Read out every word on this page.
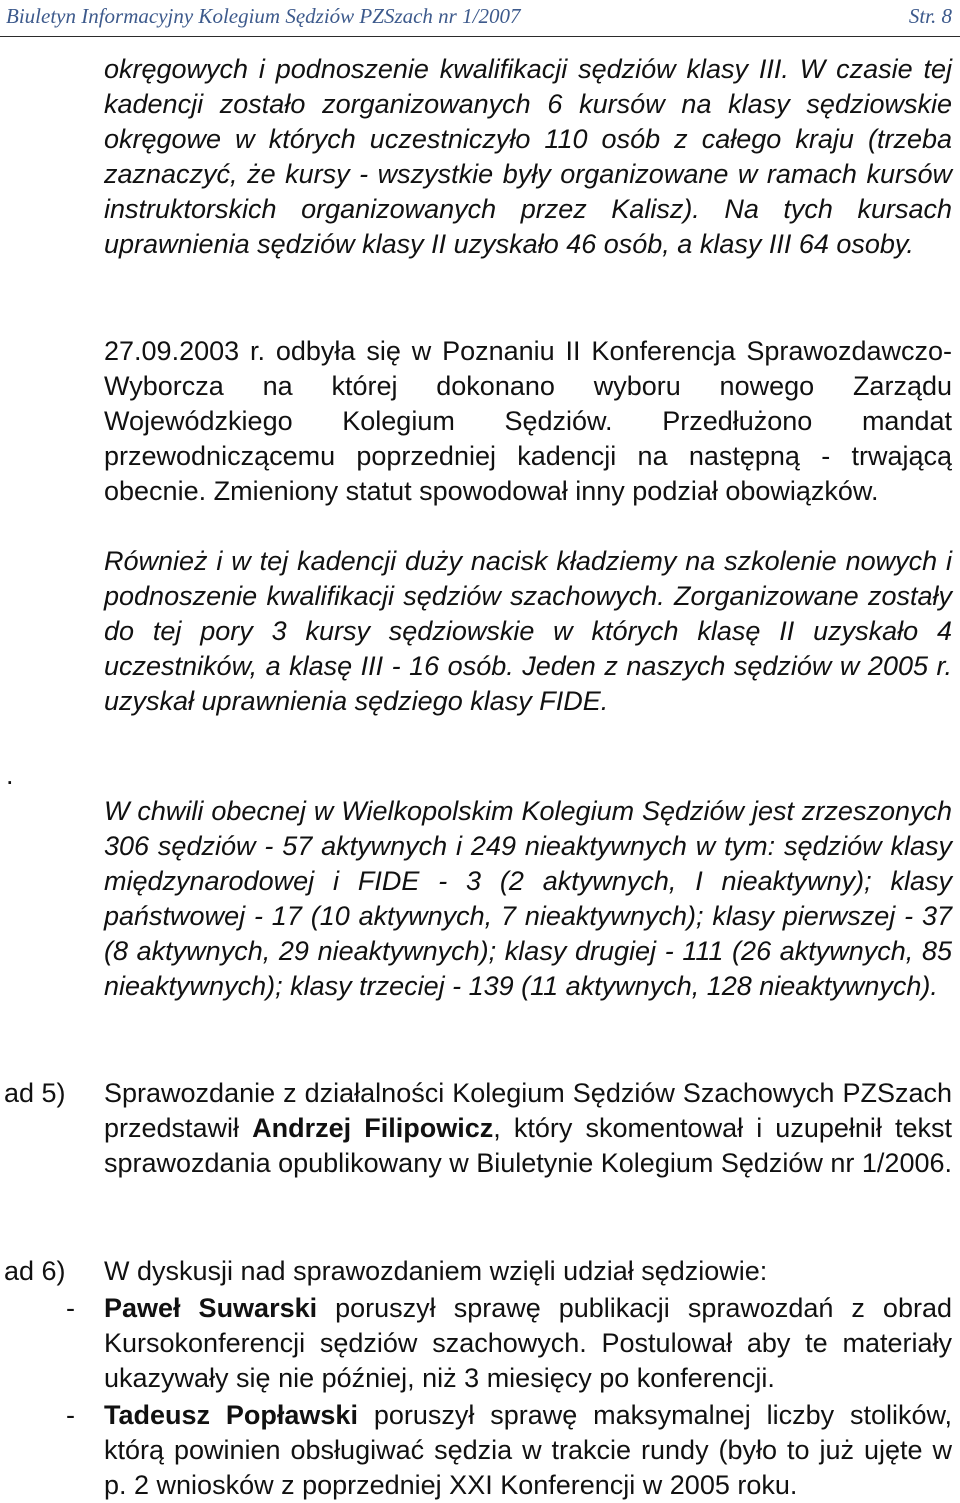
Biuletyn Informacyjny Kolegium Sędziów PZSzach nr 1/2007	Str. 8

okręgowych i podnoszenie kwalifikacji sędziów klasy III. W czasie tej kadencji zostało zorganizowanych 6 kursów na klasy sędziowskie okręgowe w których uczestniczyło 110 osób z całego kraju (trzeba zaznaczyć, że kursy - wszystkie były organizowane w ramach kursów instruktorskich organizowanych przez Kalisz). Na tych kursach uprawnienia sędziów klasy II uzyskało 46 osób, a klasy III 64 osoby.

27.09.2003 r. odbyła się w Poznaniu II Konferencja Sprawozdawczo-Wyborcza na której dokonano wyboru nowego Zarządu Wojewódzkiego Kolegium Sędziów. Przedłużono mandat przewodniczącemu poprzedniej kadencji na następną - trwającą obecnie. Zmieniony statut spowodował inny podział obowiązków.

Również i w tej kadencji duży nacisk kładziemy na szkolenie nowych i podnoszenie kwalifikacji sędziów szachowych. Zorganizowane zostały do tej pory 3 kursy sędziowskie w których klasę II uzyskało 4 uczestników, a klasę III - 16 osób. Jeden z naszych sędziów w 2005 r. uzyskał uprawnienia sędziego klasy FIDE.

.

W chwili obecnej w Wielkopolskim Kolegium Sędziów jest zrzeszonych 306 sędziów - 57 aktywnych i 249 nieaktywnych w tym: sędziów klasy międzynarodowej i FIDE - 3 (2 aktywnych, I nieaktywny); klasy państwowej - 17 (10 aktywnych, 7 nieaktywnych); klasy pierwszej - 37 (8 aktywnych, 29 nieaktywnych); klasy drugiej - 111 (26 aktywnych, 85 nieaktywnych); klasy trzeciej - 139 (11 aktywnych, 128 nieaktywnych).

ad 5) Sprawozdanie z działalności Kolegium Sędziów Szachowych PZSzach przedstawił Andrzej Filipowicz, który skomentował i uzupełnił tekst sprawozdania opublikowany w Biuletynie Kolegium Sędziów nr 1/2006.

ad 6) W dyskusji nad sprawozdaniem wzięli udział sędziowie:

- Paweł Suwarski poruszył sprawę publikacji sprawozdań z obrad Kursokonferencji sędziów szachowych. Postulował aby te materiały ukazywały się nie później, niż 3 miesięcy po konferencji.

- Tadeusz Popławski poruszył sprawę maksymalnej liczby stolików, którą powinien obsługiwać sędzia w trakcie rundy (było to już ujęte w p. 2 wniosków z poprzedniej XXI Konferencji w 2005 roku.
